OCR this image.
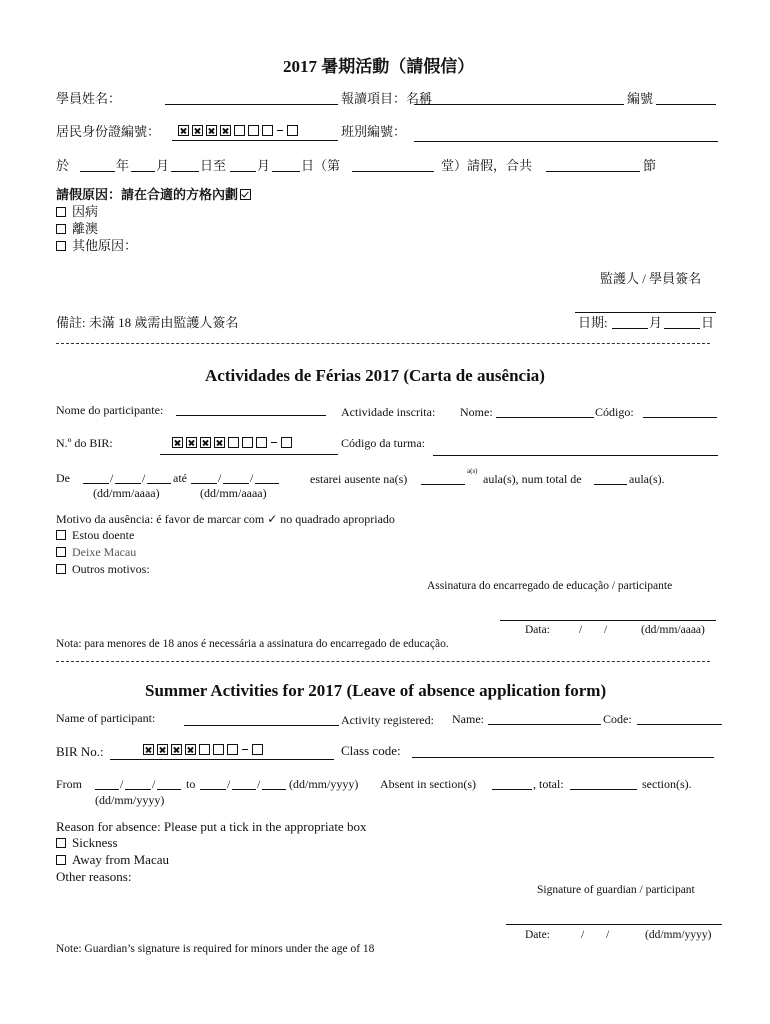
2017 暑期活動（請假信）
學員姓名：	報讀項目：名稱	編號
居民身份證編號：	班別編號：
於	年 月 日至 月 日（第	堂）請假，合共	節
請假原因：請在合適的方格內劃
因病
離澳
其他原因：
監護人 / 學員簽名
備註: 未滿 18 歲需由監護人簽名	日期:	月	日
Actividades de Férias 2017 (Carta de ausência)
Nome do participante:	Actividade inscrita: Nome:	Código:
N.º do BIR:	Código da turma:
De	/ / até	/ /
(dd/mm/aaaa)	(dd/mm/aaaa)
estarei ausente na(s)
a(s)
aula(s), num total de	aula(s).
Motivo da ausência: é favor de marcar com ✓ no quadrado apropriado
Estou doente
Deixe Macau
Outros motivos:
Assinatura do encarregado de educação / participante
Data:	/ /	(dd/mm/aaaa)
Nota: para menores de 18 anos é necessária a assinatura do encarregado de educação.
Summer Activities for 2017 (Leave of absence application form)
Name of participant:	Activity registered: Name:	Code:
BIR No.:	Class code:
From	/ /	to	/ / (dd/mm/yyyy) Absent in section(s)	, total:	section(s).
(dd/mm/yyyy)
Reason for absence: Please put a tick in the appropriate box
Sickness
Away from Macau
Other reasons:
Signature of guardian / participant
Date:	/ /	(dd/mm/yyyy)
Note: Guardian’s signature is required for minors under the age of 18
